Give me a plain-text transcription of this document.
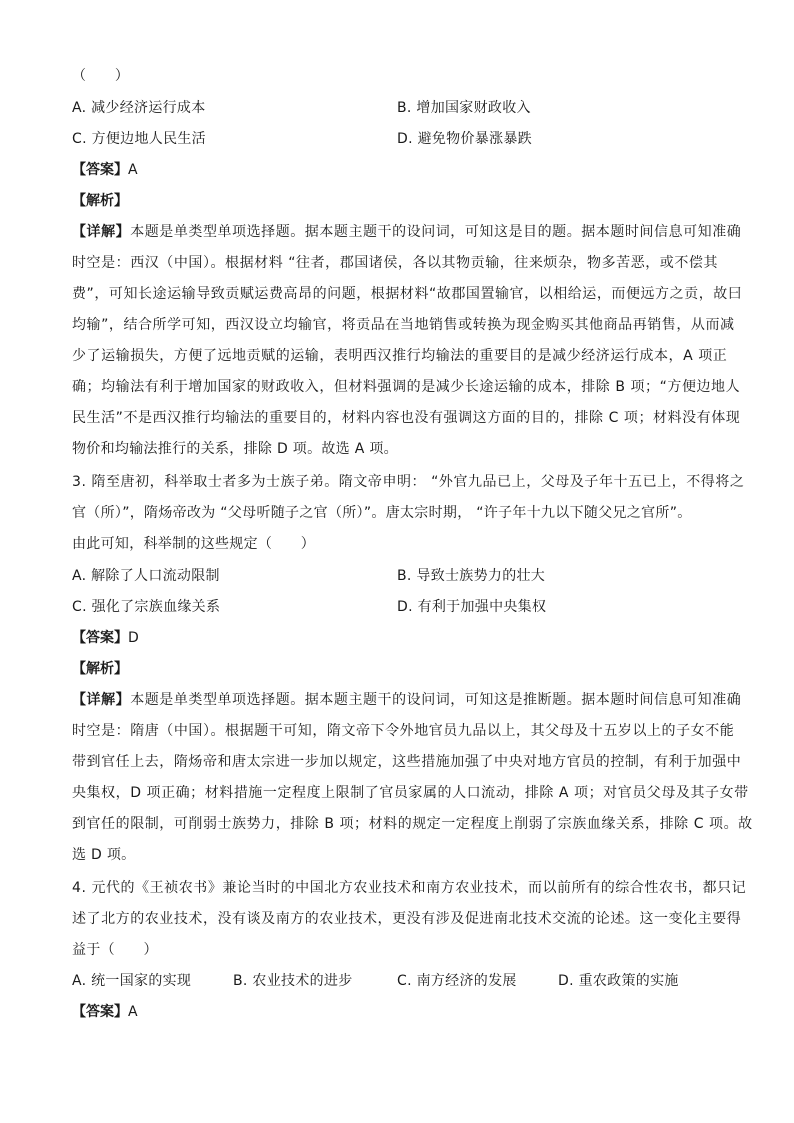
（　　）
A. 减少经济运行成本	B. 增加国家财政收入
C. 方便边地人民生活	D. 避免物价暴涨暴跌
【答案】A
【解析】
【详解】本题是单类型单项选择题。据本题主题干的设问词，可知这是目的题。据本题时间信息可知准确
时空是：西汉（中国）。根据材料 “往者，郡国诸侯，各以其物贡输，往来烦杂，物多苦恶，或不偿其
费”，可知长途运输导致贡赋运费高昂的问题，根据材料“故郡国置输官，以相给运，而便远方之贡，故曰
均输”，结合所学可知，西汉设立均输官，将贡品在当地销售或转换为现金购买其他商品再销售，从而减
少了运输损失，方便了远地贡赋的运输，表明西汉推行均输法的重要目的是减少经济运行成本，A 项正
确；均输法有利于增加国家的财政收入，但材料强调的是减少长途运输的成本，排除 B 项；“方便边地人
民生活”不是西汉推行均输法的重要目的，材料内容也没有强调这方面的目的，排除 C 项；材料没有体现
物价和均输法推行的关系，排除 D 项。故选 A 项。
3. 隋至唐初，科举取士者多为士族子弟。隋文帝申明： “外官九品已上，父母及子年十五已上，不得将之
官（所）”，隋炀帝改为 “父母听随子之官（所）”。唐太宗时期， “许子年十九以下随父兄之官所”。
由此可知，科举制的这些规定（　　）
A. 解除了人口流动限制	B. 导致士族势力的壮大
C. 强化了宗族血缘关系	D. 有利于加强中央集权
【答案】D
【解析】
【详解】本题是单类型单项选择题。据本题主题干的设问词，可知这是推断题。据本题时间信息可知准确
时空是：隋唐（中国）。根据题干可知，隋文帝下令外地官员九品以上，其父母及十五岁以上的子女不能
带到官任上去，隋炀帝和唐太宗进一步加以规定，这些措施加强了中央对地方官员的控制，有利于加强中
央集权，D 项正确；材料措施一定程度上限制了官员家属的人口流动，排除 A 项；对官员父母及其子女带
到官任的限制，可削弱士族势力，排除 B 项；材料的规定一定程度上削弱了宗族血缘关系，排除 C 项。故
选 D 项。
4. 元代的《王祯农书》兼论当时的中国北方农业技术和南方农业技术，而以前所有的综合性农书，都只记
述了北方的农业技术，没有谈及南方的农业技术，更没有涉及促进南北技术交流的论述。这一变化主要得
益于（　　）
A. 统一国家的实现	B. 农业技术的进步	C. 南方经济的发展	D. 重农政策的实施
【答案】A
